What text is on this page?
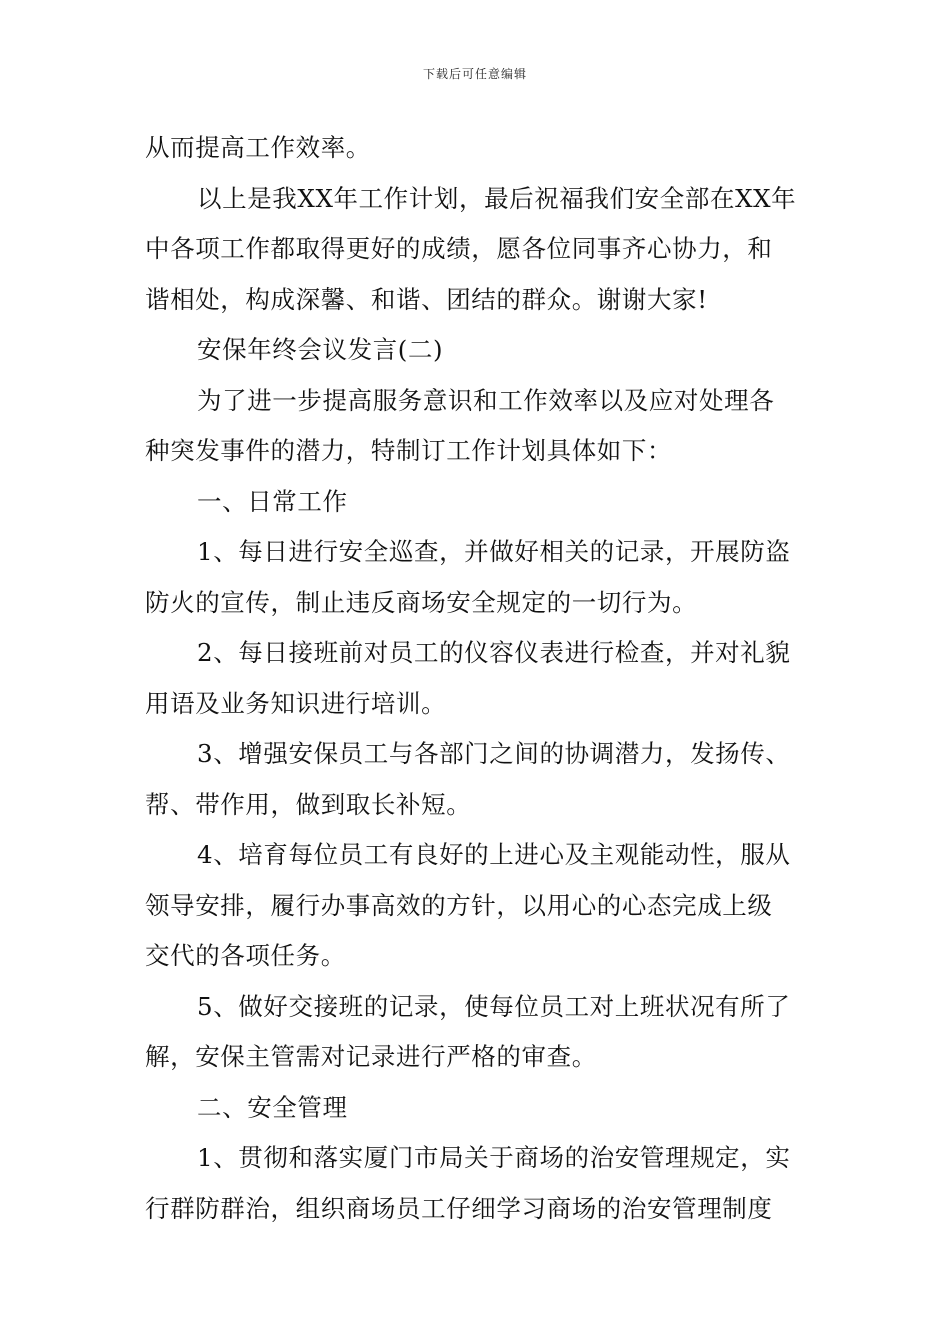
下载后可任意编辑

从而提高工作效率。

以上是我XX年工作计划，最后祝福我们安全部在XX年
中各项工作都取得更好的成绩，愿各位同事齐心协力，和
谐相处，构成深馨、和谐、团结的群众。谢谢大家!

安保年终会议发言(二)

为了进一步提高服务意识和工作效率以及应对处理各
种突发事件的潜力，特制订工作计划具体如下：

一、日常工作

1、每日进行安全巡查，并做好相关的记录，开展防盗
防火的宣传，制止违反商场安全规定的一切行为。

2、每日接班前对员工的仪容仪表进行检查，并对礼貌
用语及业务知识进行培训。

3、增强安保员工与各部门之间的协调潜力，发扬传、
帮、带作用，做到取长补短。

4、培育每位员工有良好的上进心及主观能动性，服从
领导安排，履行办事高效的方针，以用心的心态完成上级
交代的各项任务。

5、做好交接班的记录，使每位员工对上班状况有所了
解，安保主管需对记录进行严格的审查。

二、安全管理

1、贯彻和落实厦门市局关于商场的治安管理规定，实
行群防群治，组织商场员工仔细学习商场的治安管理制度
